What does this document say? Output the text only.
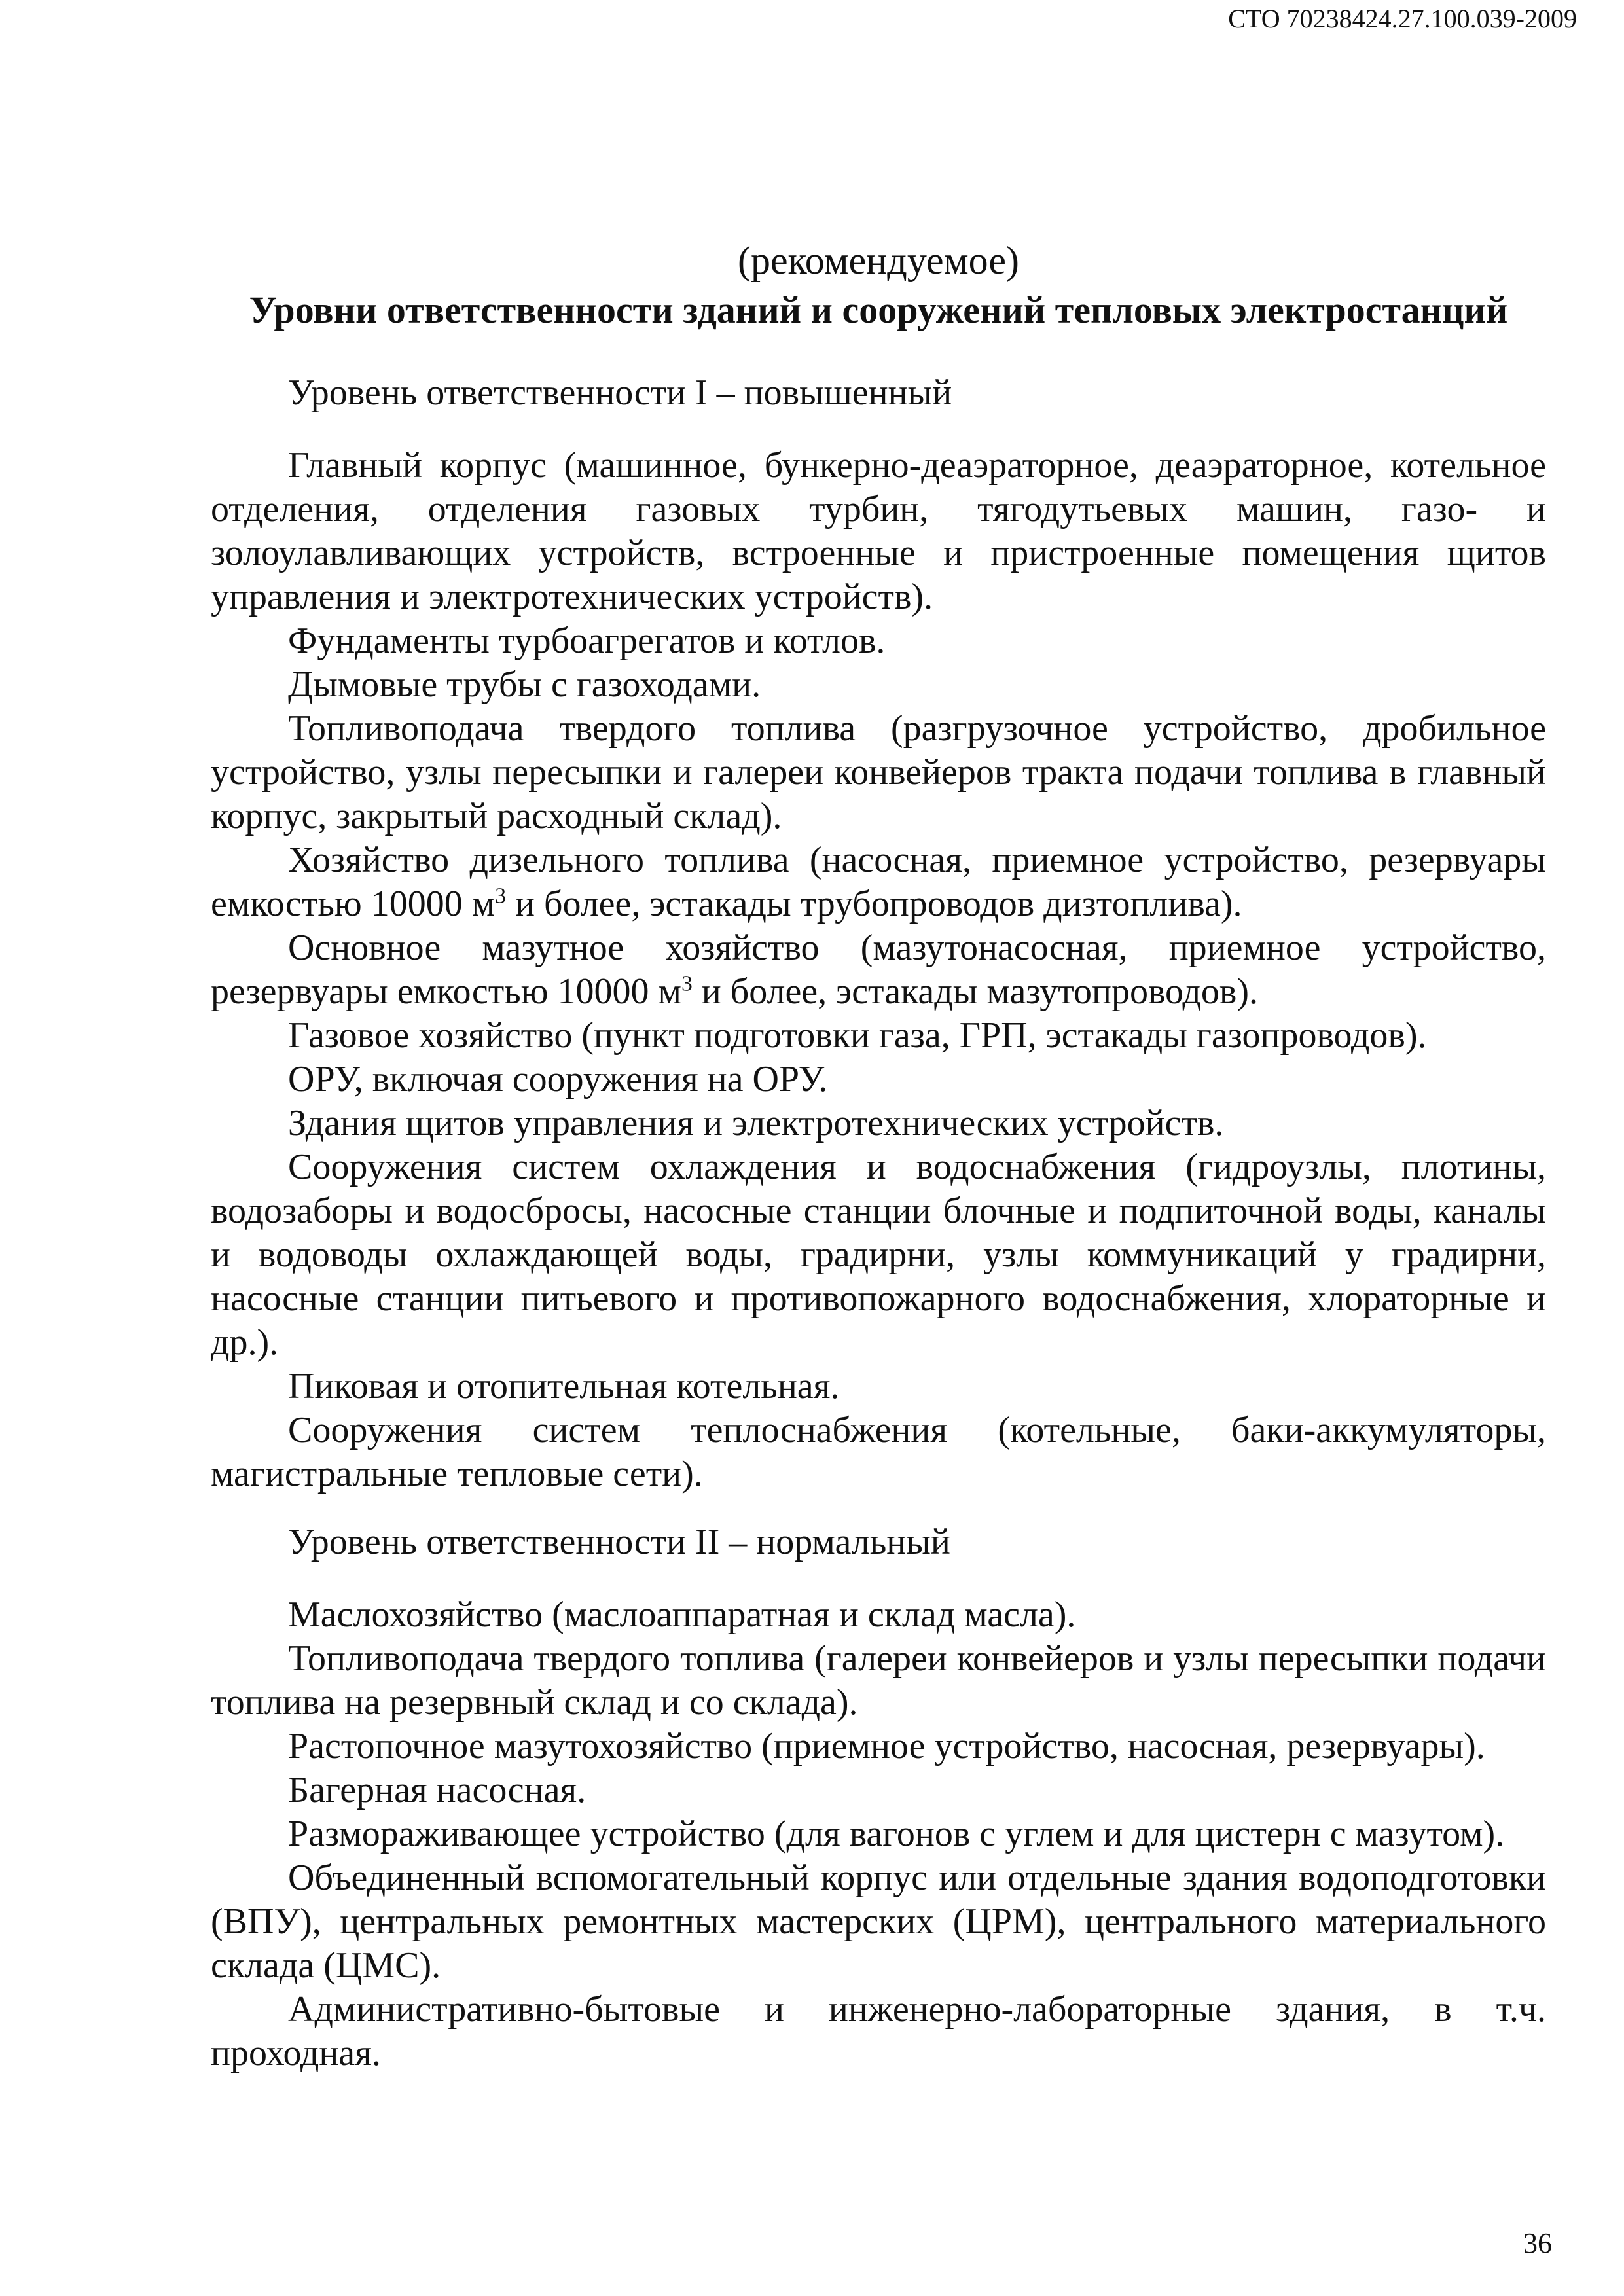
СТО 70238424.27.100.039-2009

(рекомендуемое)

Уровни ответственности зданий и сооружений тепловых электростанций

Уровень ответственности I – повышенный

Главный корпус (машинное, бункерно-деаэраторное, деаэраторное, котельное отделения, отделения газовых турбин, тягодутьевых машин, газо- и золоулавливающих устройств, встроенные и пристроенные помещения щитов управления и электротехнических устройств).

Фундаменты турбоагрегатов и котлов.

Дымовые трубы с газоходами.

Топливоподача твердого топлива (разгрузочное устройство, дробильное устройство, узлы пересыпки и галереи конвейеров тракта подачи топлива в главный корпус, закрытый расходный склад).

Хозяйство дизельного топлива (насосная, приемное устройство, резервуары емкостью 10000 $м^3$ и более, эстакады трубопроводов дизтоплива).

Основное мазутное хозяйство (мазутонасосная, приемное устройство, резервуары емкостью 10000 $м^3$ и более, эстакады мазутопроводов).

Газовое хозяйство (пункт подготовки газа, ГРП, эстакады газопроводов).

ОРУ, включая сооружения на ОРУ.

Здания щитов управления и электротехнических устройств.

Сооружения систем охлаждения и водоснабжения (гидроузлы, плотины, водозаборы и водосбросы, насосные станции блочные и подпиточной воды, каналы и водоводы охлаждающей воды, градирни, узлы коммуникаций у градирни, насосные станции питьевого и противопожарного водоснабжения, хлораторные и др.).

Пиковая и отопительная котельная.

Сооружения систем теплоснабжения (котельные, баки-аккумуляторы, магистральные тепловые сети).

Уровень ответственности II – нормальный

Маслохозяйство (маслоаппаратная и склад масла).

Топливоподача твердого топлива (галереи конвейеров и узлы пересыпки подачи топлива на резервный склад и со склада).

Растопочное мазутохозяйство (приемное устройство, насосная, резервуары).

Багерная насосная.

Размораживающее устройство (для вагонов с углем и для цистерн с мазутом).

Объединенный вспомогательный корпус или отдельные здания водоподготовки (ВПУ), центральных ремонтных мастерских (ЦРМ), центрального материального склада (ЦМС).

Административно-бытовые и инженерно-лабораторные здания, в т.ч. проходная.

36
